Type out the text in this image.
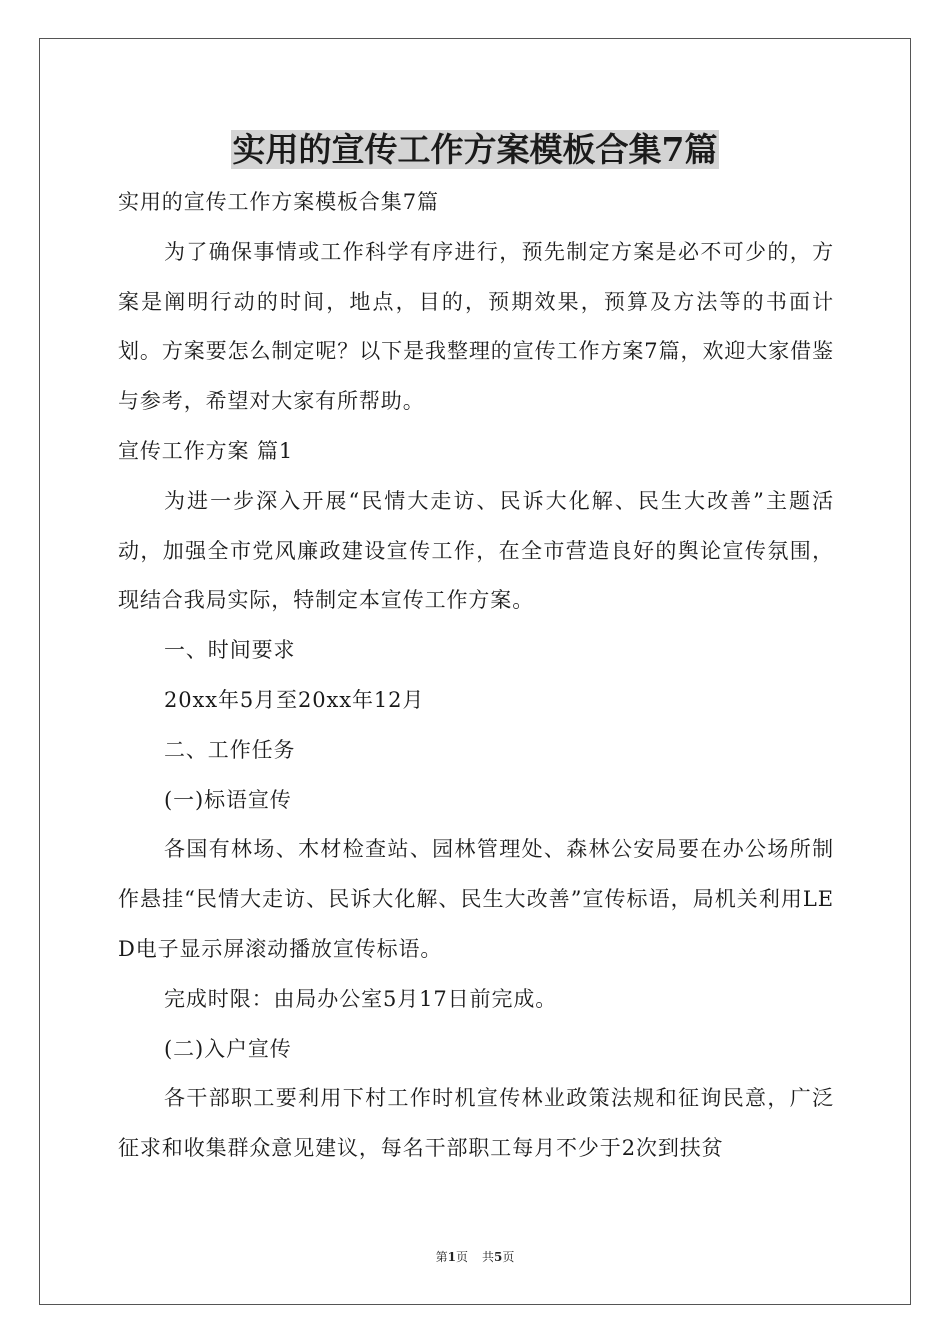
实用的宣传工作方案模板合集7篇

实用的宣传工作方案模板合集7篇

为了确保事情或工作科学有序进行，预先制定方案是必不可少的，方案是阐明行动的时间，地点，目的，预期效果，预算及方法等的书面计划。方案要怎么制定呢？以下是我整理的宣传工作方案7篇，欢迎大家借鉴与参考，希望对大家有所帮助。

宣传工作方案 篇1

为进一步深入开展“民情大走访、民诉大化解、民生大改善”主题活动，加强全市党风廉政建设宣传工作，在全市营造良好的舆论宣传氛围，现结合我局实际，特制定本宣传工作方案。

一、时间要求

20xx年5月至20xx年12月

二、工作任务

(一)标语宣传

各国有林场、木材检查站、园林管理处、森林公安局要在办公场所制作悬挂“民情大走访、民诉大化解、民生大改善”宣传标语，局机关利用LED电子显示屏滚动播放宣传标语。

完成时限：由局办公室5月17日前完成。

(二)入户宣传

各干部职工要利用下村工作时机宣传林业政策法规和征询民意，广泛征求和收集群众意见建议，每名干部职工每月不少于2次到扶贫

第1页 共5页
